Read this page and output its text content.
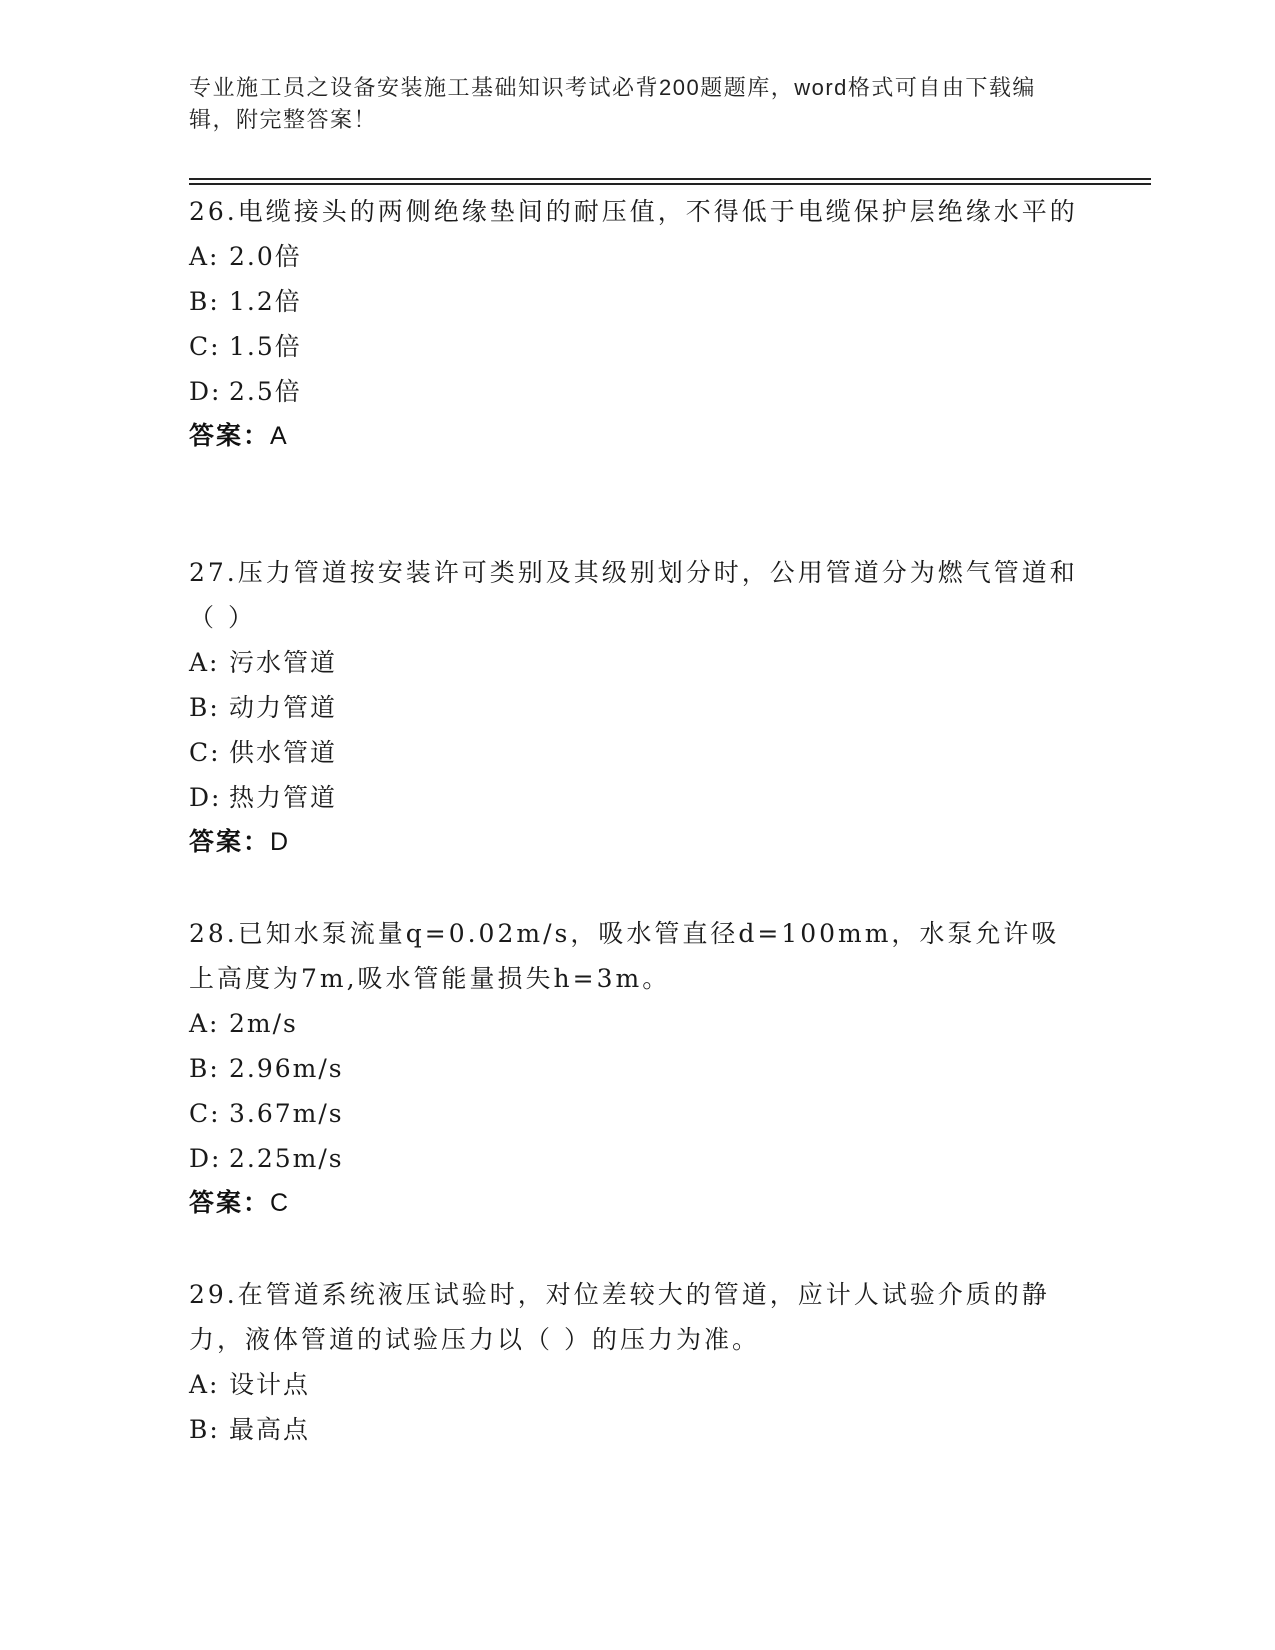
专业施工员之设备安装施工基础知识考试必背200题题库，word格式可自由下载编辑，附完整答案！

26.电缆接头的两侧绝缘垫间的耐压值，不得低于电缆保护层绝缘水平的

A: 2.0倍
B: 1.2倍
C: 1.5倍
D: 2.5倍
答案：A

27.压力管道按安装许可类别及其级别划分时，公用管道分为燃气管道和（ ）

A: 污水管道
B: 动力管道
C: 供水管道
D: 热力管道
答案：D

28.已知水泵流量q=0.02m/s，吸水管直径d=100mm，水泵允许吸上高度为7m,吸水管能量损失h=3m。

A: 2m/s
B: 2.96m/s
C: 3.67m/s
D: 2.25m/s
答案：C

29.在管道系统液压试验时，对位差较大的管道，应计人试验介质的静力，液体管道的试验压力以（ ）的压力为准。

A: 设计点
B: 最高点
